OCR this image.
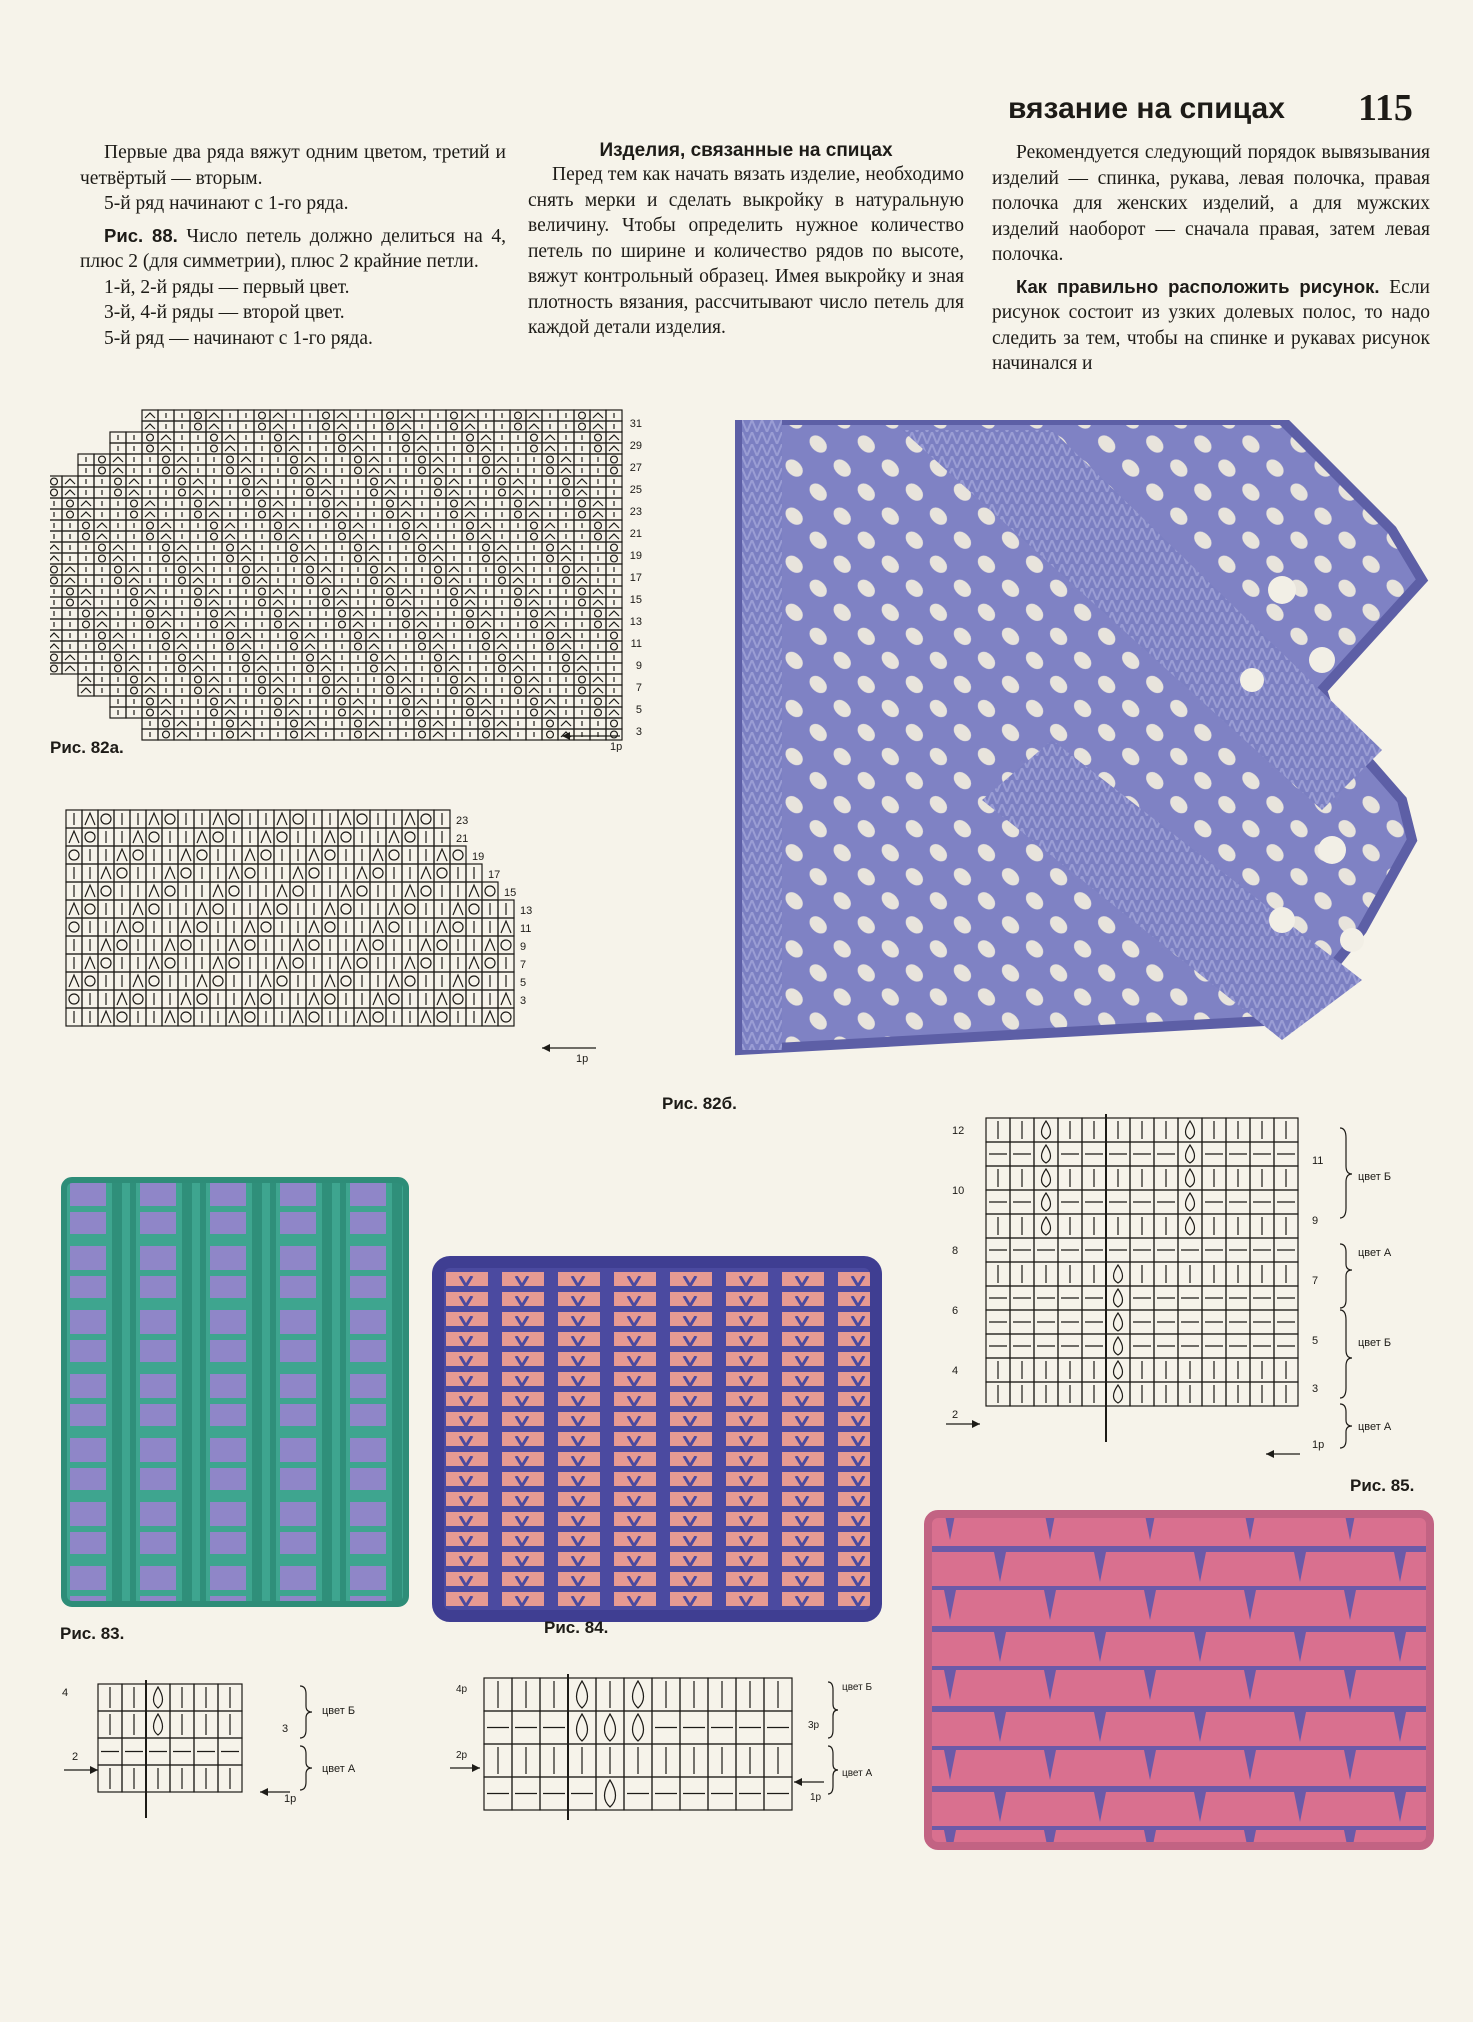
вязание на спицах 115

Первые два ряда вяжут одним цветом, третий и четвёртый — вторым.

5-й ряд начинают с 1-го ряда.

Рис. 88. Число петель должно делиться на 4, плюс 2 (для симметрии), плюс 2 крайние петли.

1-й, 2-й ряды — первый цвет.

3-й, 4-й ряды — второй цвет.

5-й ряд — начинают с 1-го ряда.

Изделия, связанные на спицах

Перед тем как начать вязать изделие, необходимо снять мерки и сделать выкройку в натуральную величину. Чтобы определить нужное количество петель по ширине и количество рядов по высоте, вяжут контрольный образец. Имея выкройку и зная плотность вязания, рассчитывают число петель для каждой детали изделия.

Рекомендуется следующий порядок вывязывания изделий — спинка, рукава, левая полочка, правая полочка для женских изделий, а для мужских изделий наоборот — сначала правая, затем левая полочка.

Как правильно расположить рисунок. Если рисунок состоит из узких долевых полос, то надо следить за тем, чтобы на спинке и рукавах рисунок начинался и

31
29
27
25
23
21
19
17
15
13
11
9
7
5
3
1р
Рис. 82а.
23
21
19
17
15
13
11
9
7
5
3
1р
Рис. 82б.
Рис. 83.	Рис. 84.
12
10
8
6
4
2
11
9
7
5
3
1р
цвет Б
цвет А
цвет Б
цвет А
Рис. 85.
4
2
3
1р
цвет Б
цвет А
4р
2р
3р
1р
цвет Б
цвет А
